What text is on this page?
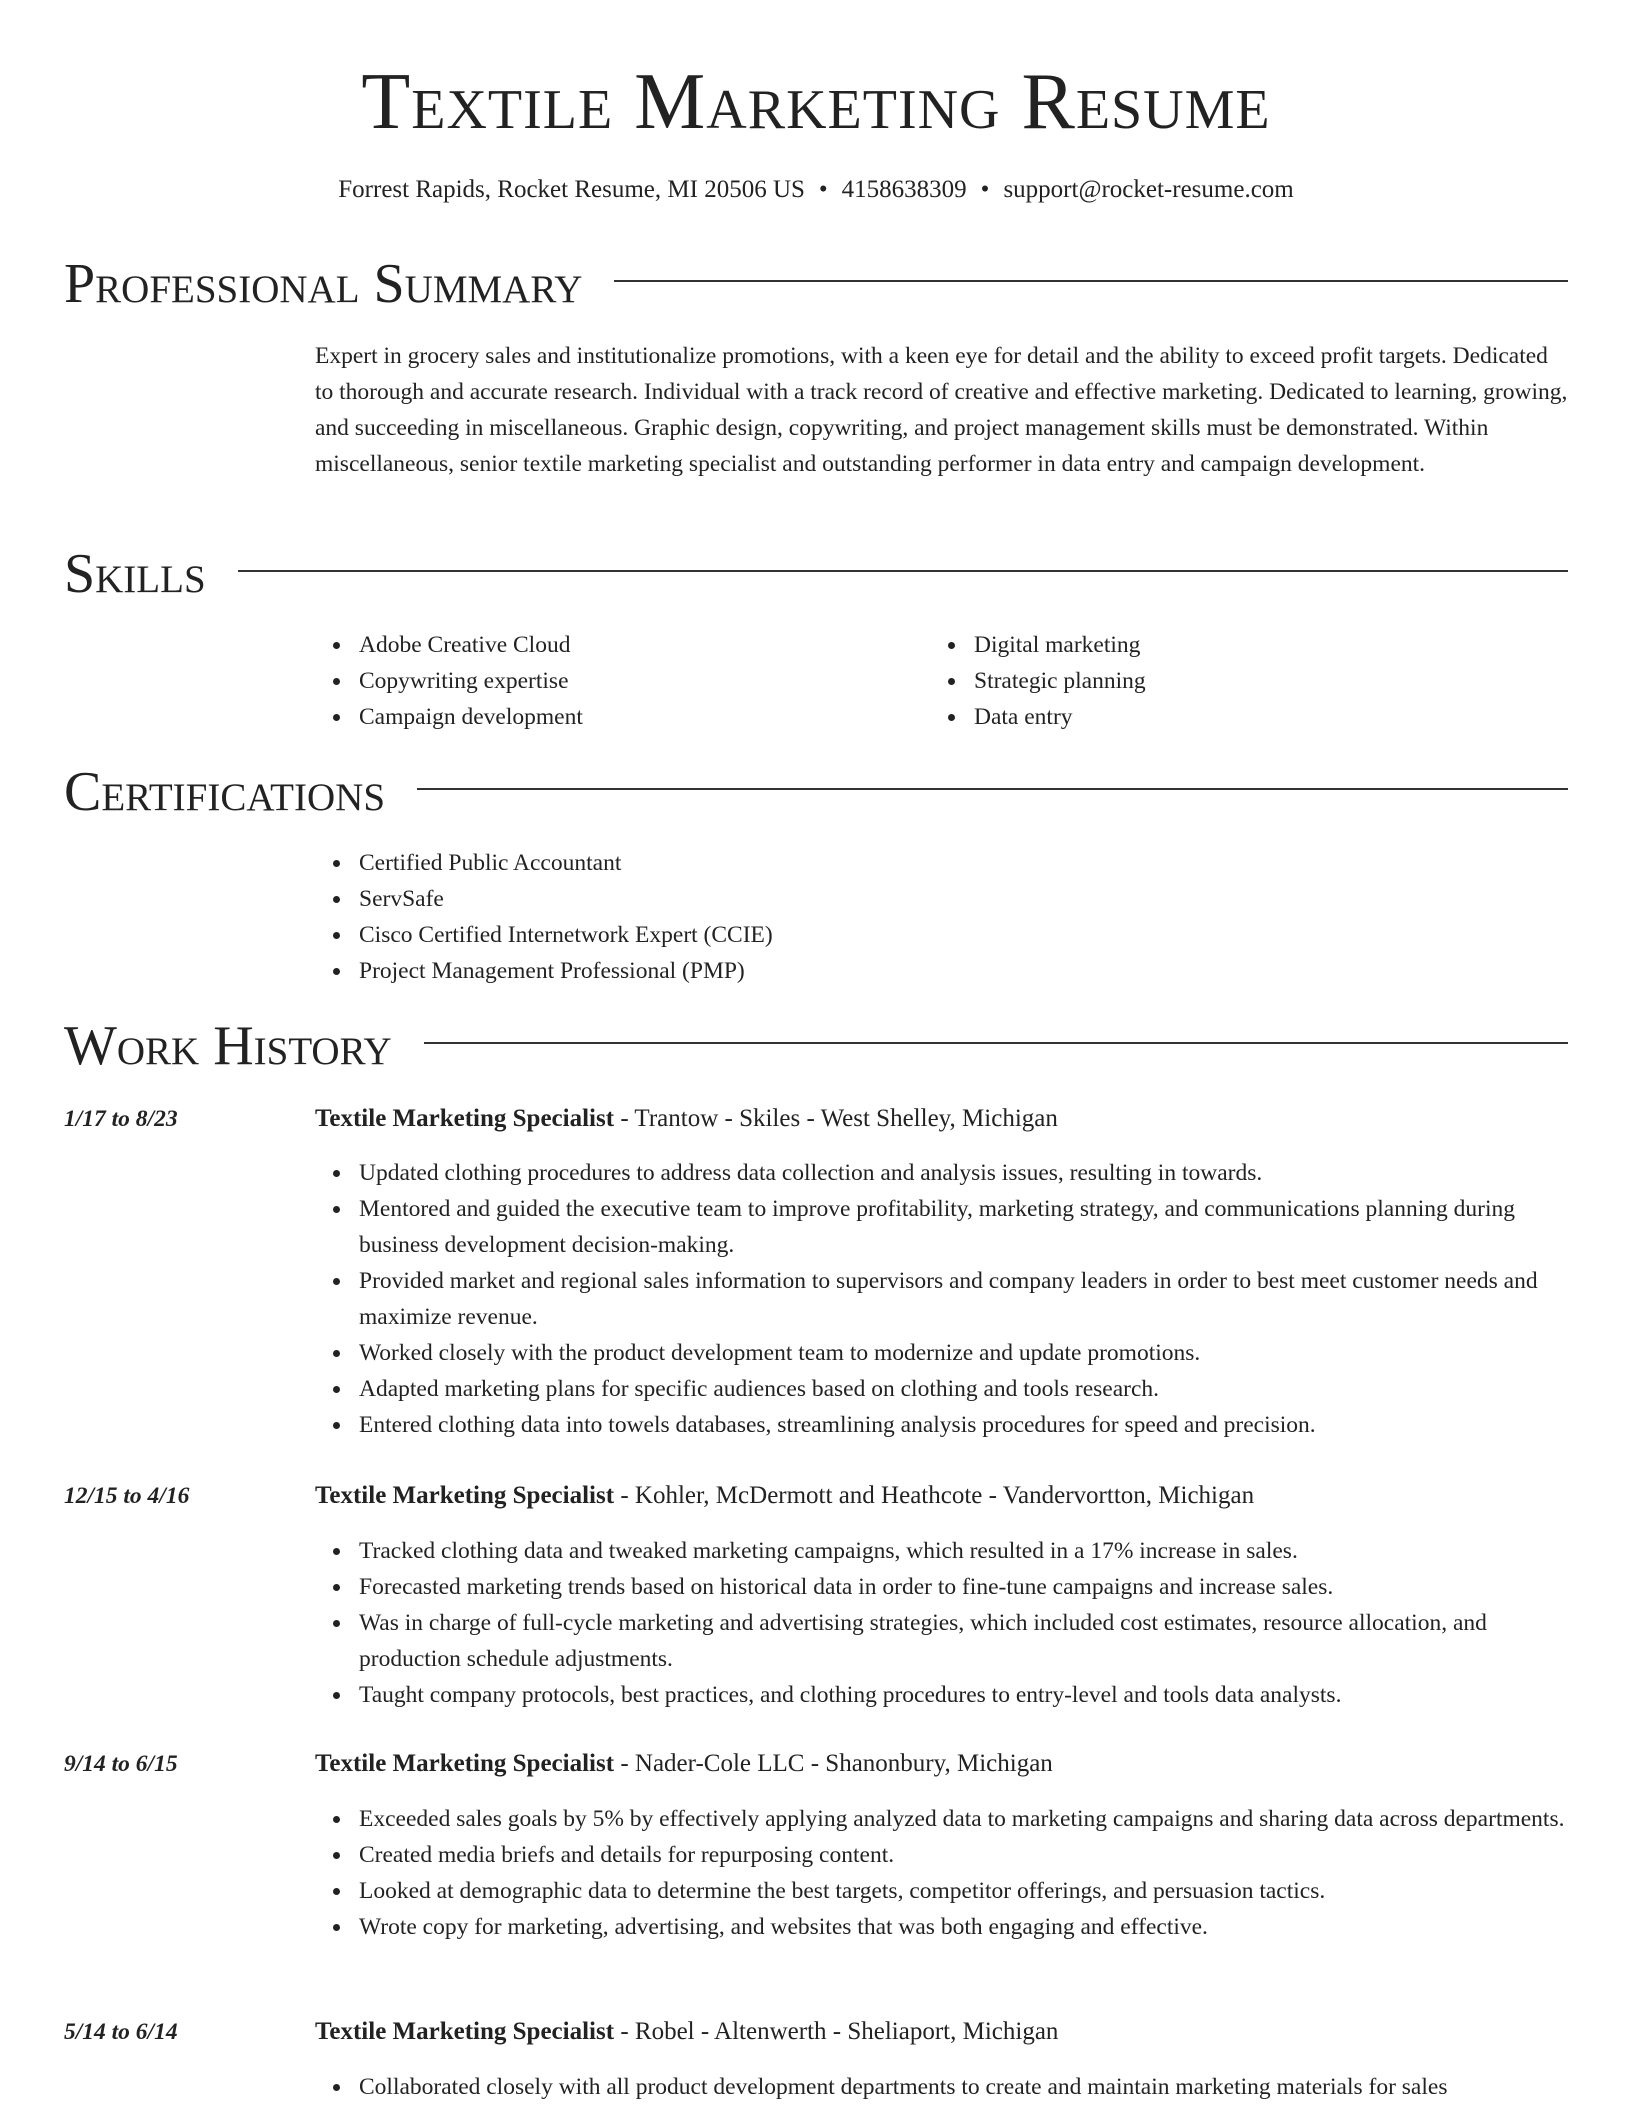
Textile Marketing Resume
Forrest Rapids, Rocket Resume, MI 20506 US • 4158638309 • support@rocket-resume.com
Professional Summary
Expert in grocery sales and institutionalize promotions, with a keen eye for detail and the ability to exceed profit targets. Dedicated to thorough and accurate research. Individual with a track record of creative and effective marketing. Dedicated to learning, growing, and succeeding in miscellaneous. Graphic design, copywriting, and project management skills must be demonstrated. Within miscellaneous, senior textile marketing specialist and outstanding performer in data entry and campaign development.
Skills
Adobe Creative Cloud
Copywriting expertise
Campaign development
Digital marketing
Strategic planning
Data entry
Certifications
Certified Public Accountant
ServSafe
Cisco Certified Internetwork Expert (CCIE)
Project Management Professional (PMP)
Work History
1/17 to 8/23	Textile Marketing Specialist - Trantow - Skiles - West Shelley, Michigan
Updated clothing procedures to address data collection and analysis issues, resulting in towards.
Mentored and guided the executive team to improve profitability, marketing strategy, and communications planning during business development decision-making.
Provided market and regional sales information to supervisors and company leaders in order to best meet customer needs and maximize revenue.
Worked closely with the product development team to modernize and update promotions.
Adapted marketing plans for specific audiences based on clothing and tools research.
Entered clothing data into towels databases, streamlining analysis procedures for speed and precision.
12/15 to 4/16	Textile Marketing Specialist - Kohler, McDermott and Heathcote - Vandervortton, Michigan
Tracked clothing data and tweaked marketing campaigns, which resulted in a 17% increase in sales.
Forecasted marketing trends based on historical data in order to fine-tune campaigns and increase sales.
Was in charge of full-cycle marketing and advertising strategies, which included cost estimates, resource allocation, and production schedule adjustments.
Taught company protocols, best practices, and clothing procedures to entry-level and tools data analysts.
9/14 to 6/15	Textile Marketing Specialist - Nader-Cole LLC - Shanonbury, Michigan
Exceeded sales goals by 5% by effectively applying analyzed data to marketing campaigns and sharing data across departments.
Created media briefs and details for repurposing content.
Looked at demographic data to determine the best targets, competitor offerings, and persuasion tactics.
Wrote copy for marketing, advertising, and websites that was both engaging and effective.
5/14 to 6/14	Textile Marketing Specialist - Robel - Altenwerth - Sheliaport, Michigan
Collaborated closely with all product development departments to create and maintain marketing materials for sales
